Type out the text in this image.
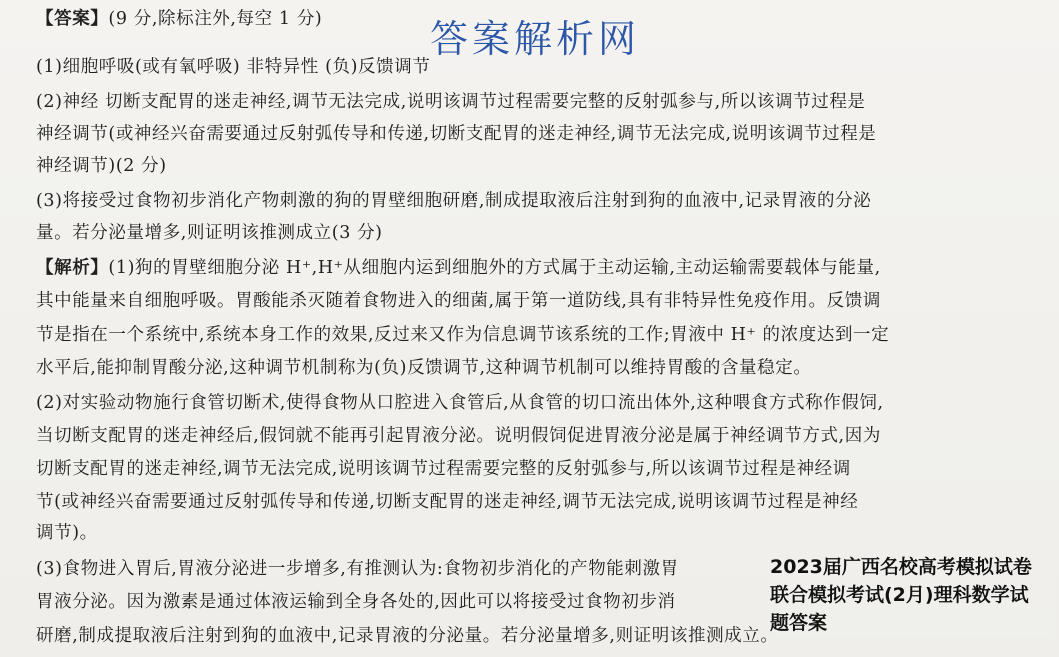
答案解析网
【答案】(9 分,除标注外,每空 1 分)
(1)细胞呼吸(或有氧呼吸) 非特异性 (负)反馈调节
(2)神经 切断支配胃的迷走神经,调节无法完成,说明该调节过程需要完整的反射弧参与,所以该调节过程是
神经调节(或神经兴奋需要通过反射弧传导和传递,切断支配胃的迷走神经,调节无法完成,说明该调节过程是
神经调节)(2 分)
(3)将接受过食物初步消化产物刺激的狗的胃壁细胞研磨,制成提取液后注射到狗的血液中,记录胃液的分泌
量。若分泌量增多,则证明该推测成立(3 分)
【解析】(1)狗的胃壁细胞分泌 H⁺,H⁺从细胞内运到细胞外的方式属于主动运输,主动运输需要载体与能量,
其中能量来自细胞呼吸。胃酸能杀灭随着食物进入的细菌,属于第一道防线,具有非特异性免疫作用。反馈调
节是指在一个系统中,系统本身工作的效果,反过来又作为信息调节该系统的工作;胃液中 H⁺ 的浓度达到一定
水平后,能抑制胃酸分泌,这种调节机制称为(负)反馈调节,这种调节机制可以维持胃酸的含量稳定。
(2)对实验动物施行食管切断术,使得食物从口腔进入食管后,从食管的切口流出体外,这种喂食方式称作假饲,
当切断支配胃的迷走神经后,假饲就不能再引起胃液分泌。说明假饲促进胃液分泌是属于神经调节方式,因为
切断支配胃的迷走神经,调节无法完成,说明该调节过程需要完整的反射弧参与,所以该调节过程是神经调
节(或神经兴奋需要通过反射弧传导和传递,切断支配胃的迷走神经,调节无法完成,说明该调节过程是神经
调节)。
(3)食物进入胃后,胃液分泌进一步增多,有推测认为:食物初步消化的产物能刺激胃
胃液分泌。因为激素是通过体液运输到全身各处的,因此可以将接受过食物初步消
研磨,制成提取液后注射到狗的血液中,记录胃液的分泌量。若分泌量增多,则证明该推测成立。
2023届广西名校高考模拟试卷
联合模拟考试(2月)理科数学试
题答案
